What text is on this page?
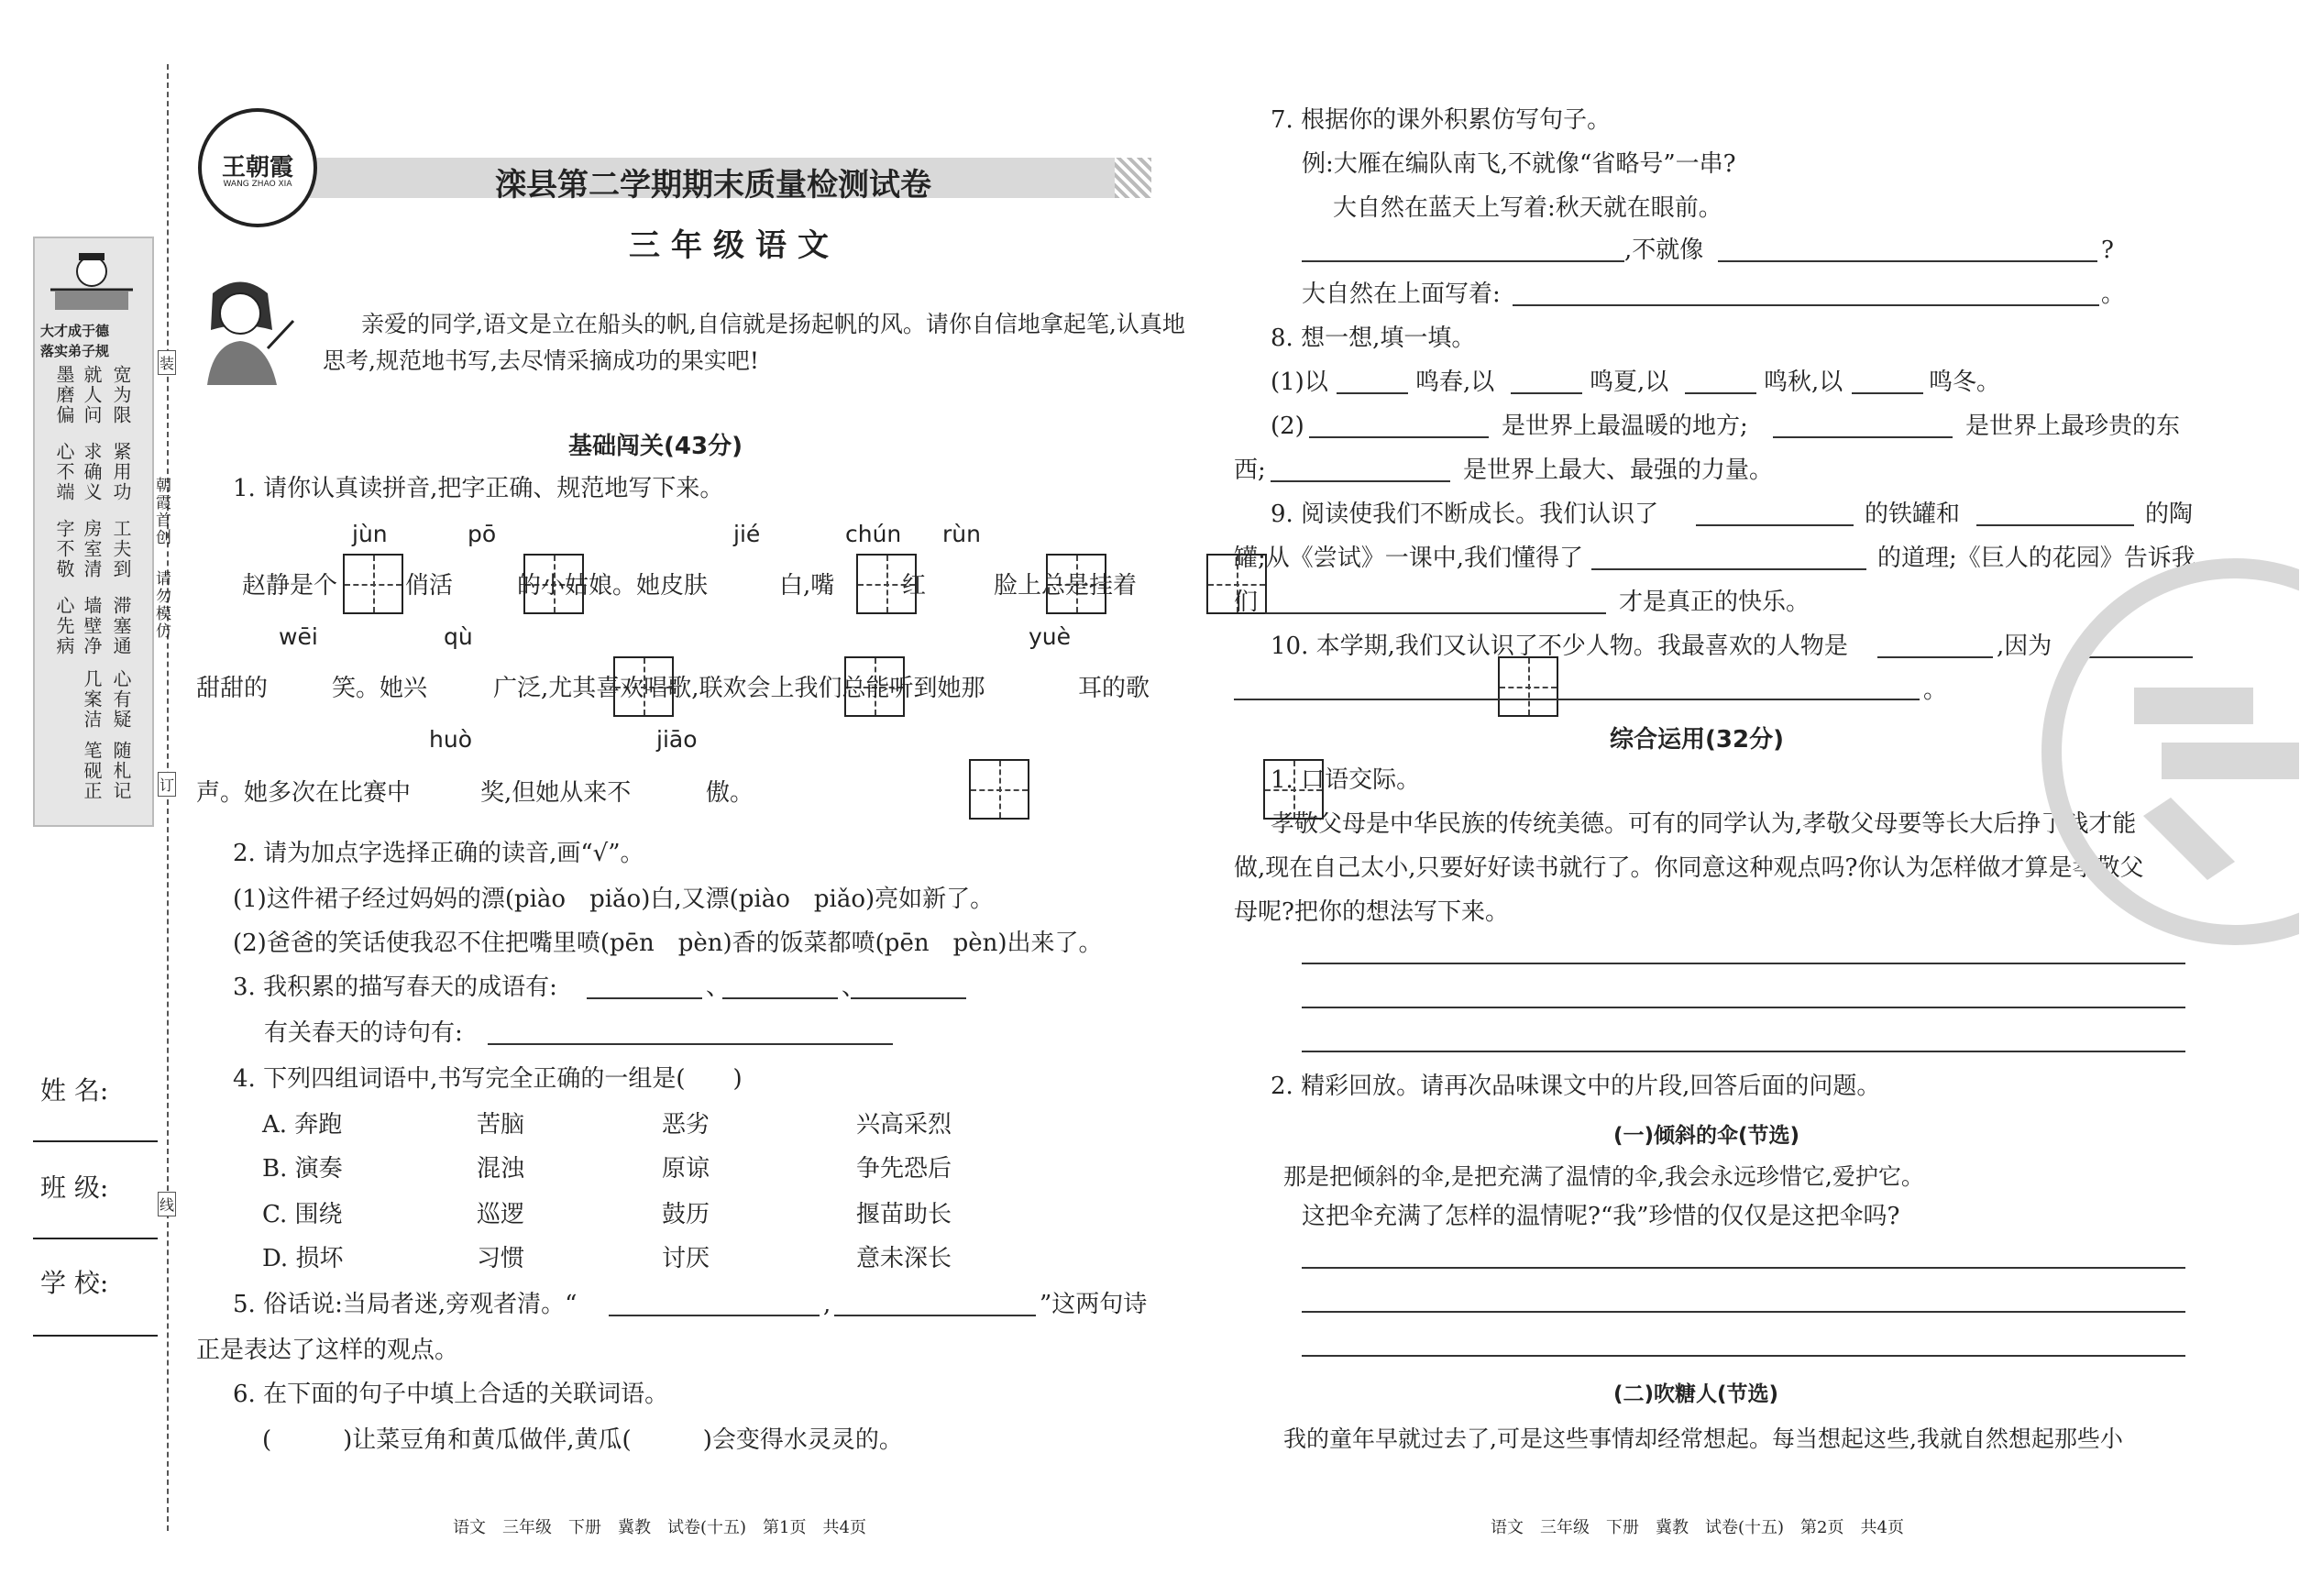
大才成于德
落实弟子规
宽为限
紧用功
工夫到
滞塞通
心有疑
随札记
就人问
求确义
房室清
墙壁净
几案洁
笔砚正
墨磨偏
心不端
字不敬
心先病
朝霞首创
请勿模仿
装
订
线
姓 名:
班 级:
学 校:
王朝霞
WANG ZHAO XIA	滦县第二学期期末质量检测试卷
三年级语文
亲爱的同学,语文是立在船头的帆,自信就是扬起帆的风。请你自信地拿起笔,认真地
思考,规范地书写,去尽情采摘成功的果实吧!
基础闯关(43分)
1. 请你认真读拼音,把字正确、规范地写下来。
jùn	pō	jié	chún rùn
赵静是个
	俏活
	的小姑娘。她皮肤
	白,嘴
	红
	脸上总是挂着
wēi	qù	yuè
甜甜的
	笑。她兴
	广泛,尤其喜欢唱歌,联欢会上我们总能听到她那
	耳的歌
huò	jiāo
声。她多次在比赛中
	奖,但她从来不	傲。
2. 请为加点字选择正确的读音,画“√”。
(1)这件裙子经过妈妈的漂(piào　piǎo)白,又漂(piào　piǎo)亮如新了。
(2)爸爸的笑话使我忍不住把嘴里喷(pēn　pèn)香的饭菜都喷(pēn　pèn)出来了。
3. 我积累的描写春天的成语有:	、	、
有关春天的诗句有:
4. 下列四组词语中,书写完全正确的一组是(　　)
A. 奔跑	苦脑	恶劣	兴高采烈
B. 演奏	混浊	原谅	争先恐后
C. 围绕	巡逻	鼓历	揠苗助长
D. 损坏	习惯	讨厌	意未深长
5. 俗话说:当局者迷,旁观者清。“	,	”这两句诗
正是表达了这样的观点。
6. 在下面的句子中填上合适的关联词语。
(　　　)让菜豆角和黄瓜做伴,黄瓜(　　　)会变得水灵灵的。
语文　三年级　下册　冀教　试卷(十五)　第1页　共4页
7. 根据你的课外积累仿写句子。
例:大雁在编队南飞,不就像“省略号”一串?
大自然在蓝天上写着:秋天就在眼前。
,不就像	?
大自然在上面写着:	。
8. 想一想,填一填。
(1)以	鸣春,以	鸣夏,以	鸣秋,以	鸣冬。
(2)	是世界上最温暖的地方;	是世界上最珍贵的东
西;	是世界上最大、最强的力量。
9. 阅读使我们不断成长。我们认识了	的铁罐和	的陶
罐;从《尝试》一课中,我们懂得了	的道理;《巨人的花园》告诉我
们	才是真正的快乐。
10. 本学期,我们又认识了不少人物。我最喜欢的人物是	,因为
。
综合运用(32分)
1. 口语交际。
孝敬父母是中华民族的传统美德。可有的同学认为,孝敬父母要等长大后挣了钱才能
做,现在自己太小,只要好好读书就行了。你同意这种观点吗?你认为怎样做才算是孝敬父
母呢?把你的想法写下来。
2. 精彩回放。请再次品味课文中的片段,回答后面的问题。
(一)倾斜的伞(节选)
那是把倾斜的伞,是把充满了温情的伞,我会永远珍惜它,爱护它。
这把伞充满了怎样的温情呢?“我”珍惜的仅仅是这把伞吗?
(二)吹糖人(节选)
我的童年早就过去了,可是这些事情却经常想起。每当想起这些,我就自然想起那些小
语文　三年级　下册　冀教　试卷(十五)　第2页　共4页
